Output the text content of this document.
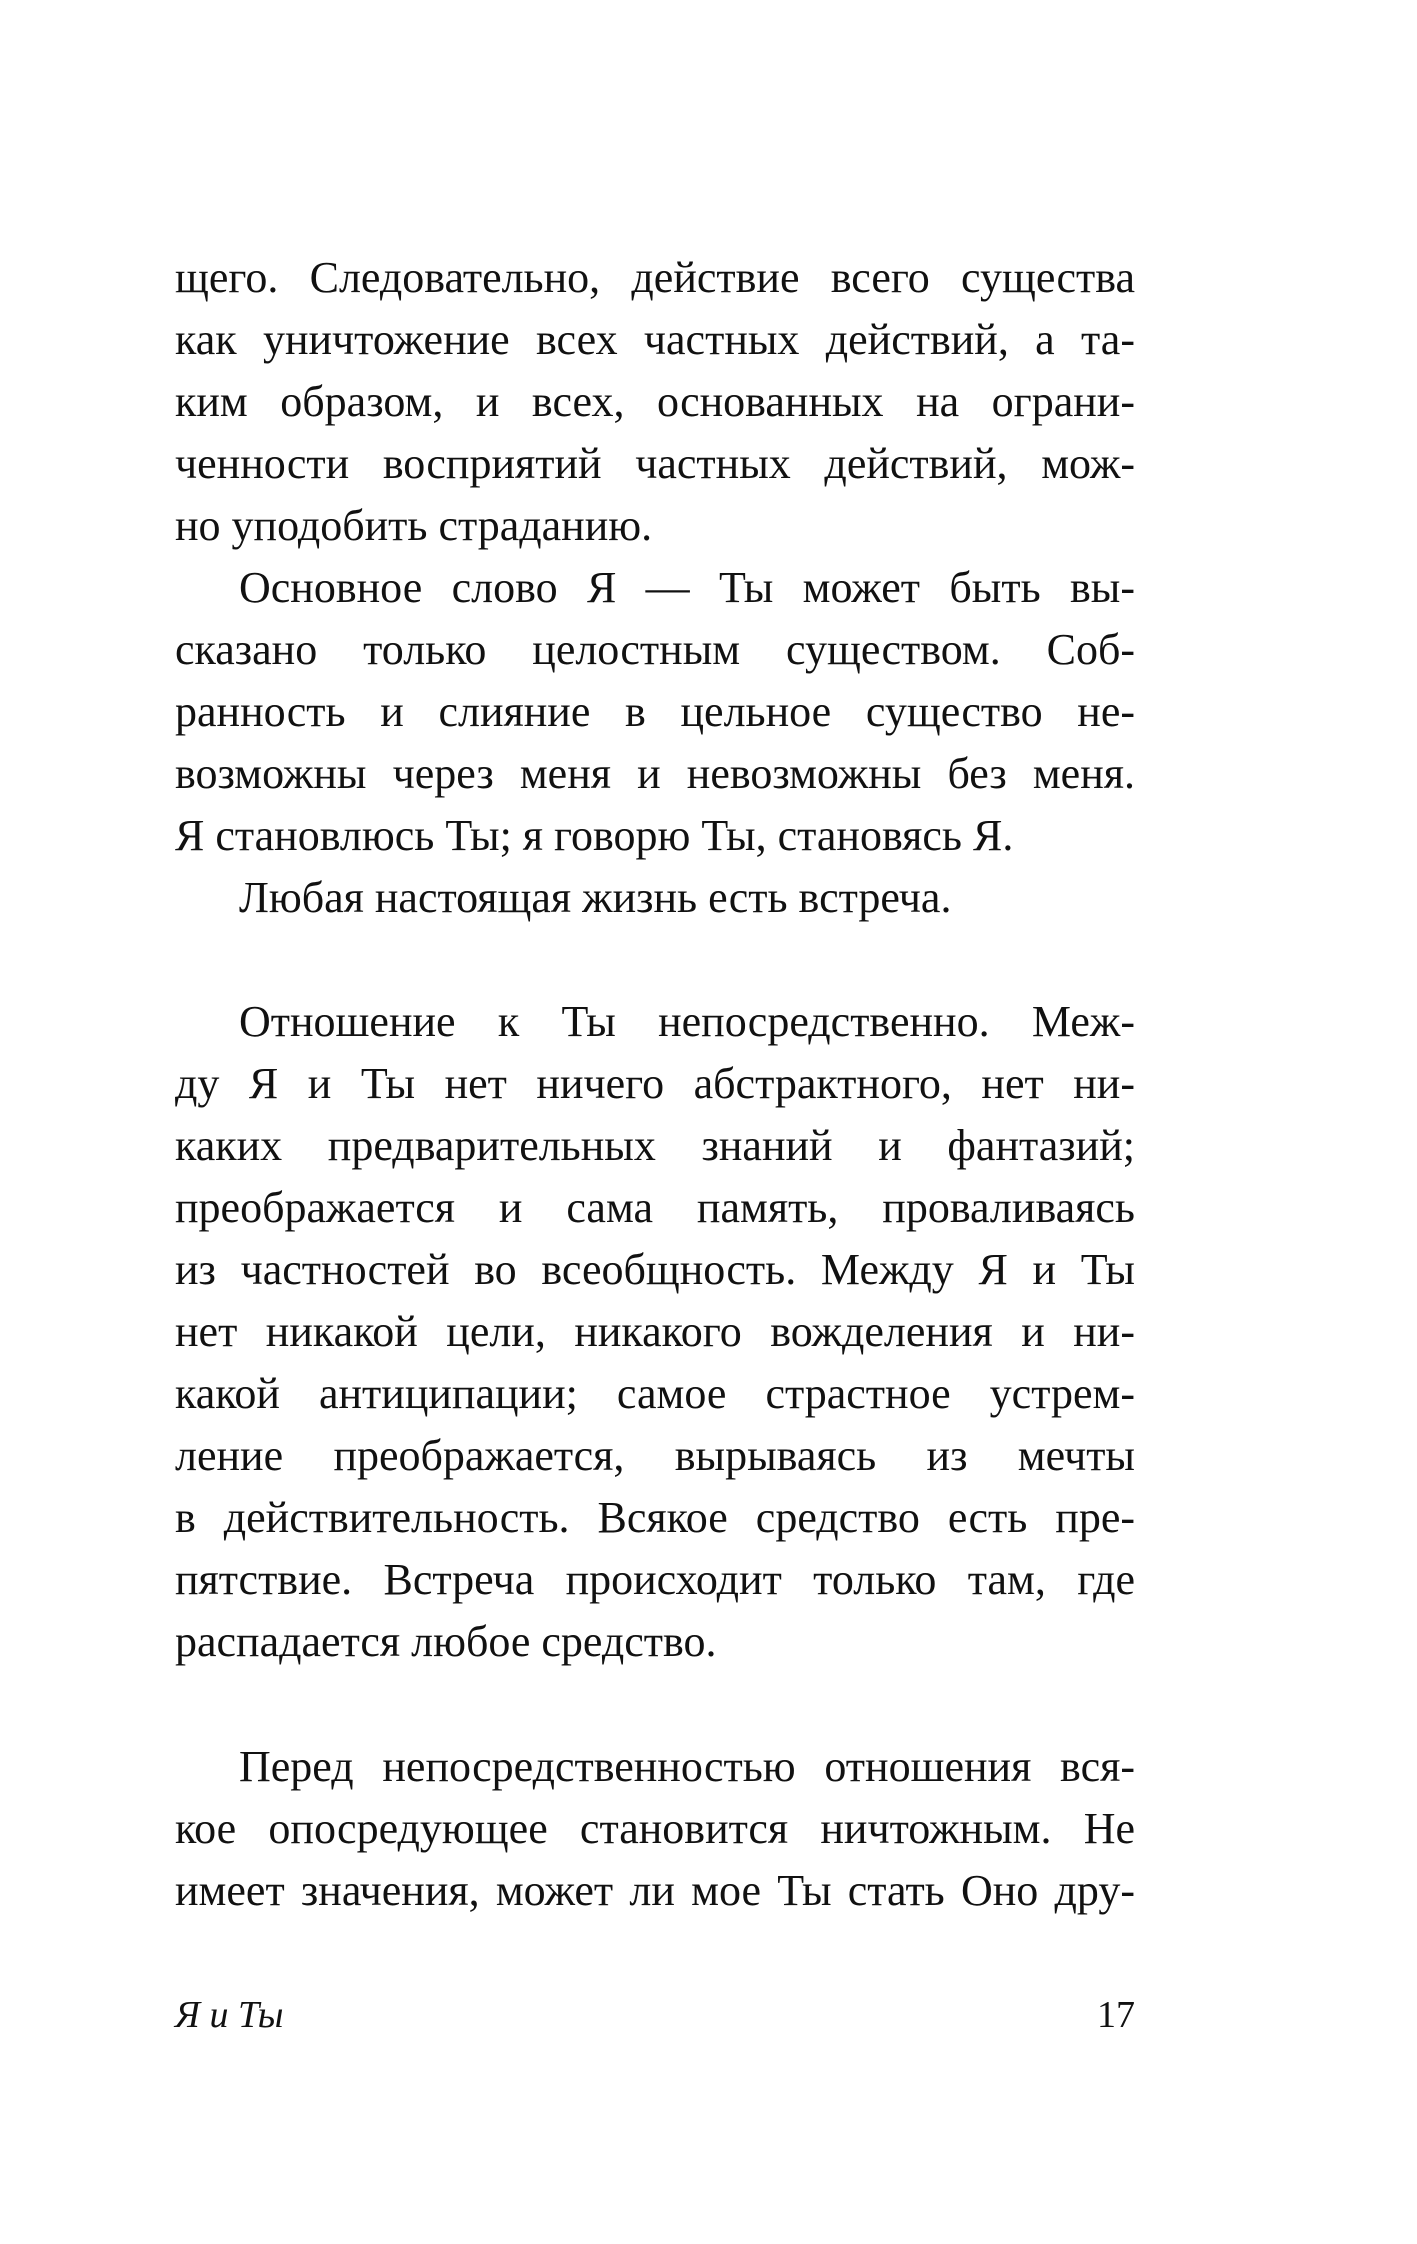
щего. Следовательно, действие всего существа
как уничтожение всех частных действий, а та-
ким образом, и всех, основанных на ограни-
ченности восприятий частных действий, мож-
но уподобить страданию.
Основное слово Я — Ты может быть вы-
сказано только целостным существом. Соб-
ранность и слияние в цельное существо не-
возможны через меня и невозможны без меня.
Я становлюсь Ты; я говорю Ты, становясь Я.
Любая настоящая жизнь есть встреча.
Отношение к Ты непосредственно. Меж-
ду Я и Ты нет ничего абстрактного, нет ни-
каких предварительных знаний и фантазий;
преображается и сама память, проваливаясь
из частностей во всеобщность. Между Я и Ты
нет никакой цели, никакого вожделения и ни-
какой антиципации; самое страстное устрем-
ление преображается, вырываясь из мечты
в действительность. Всякое средство есть пре-
пятствие. Встреча происходит только там, где
распадается любое средство.
Перед непосредственностью отношения вся-
кое опосредующее становится ничтожным. Не
имеет значения, может ли мое Ты стать Оно дру-
Я и Ты	17
